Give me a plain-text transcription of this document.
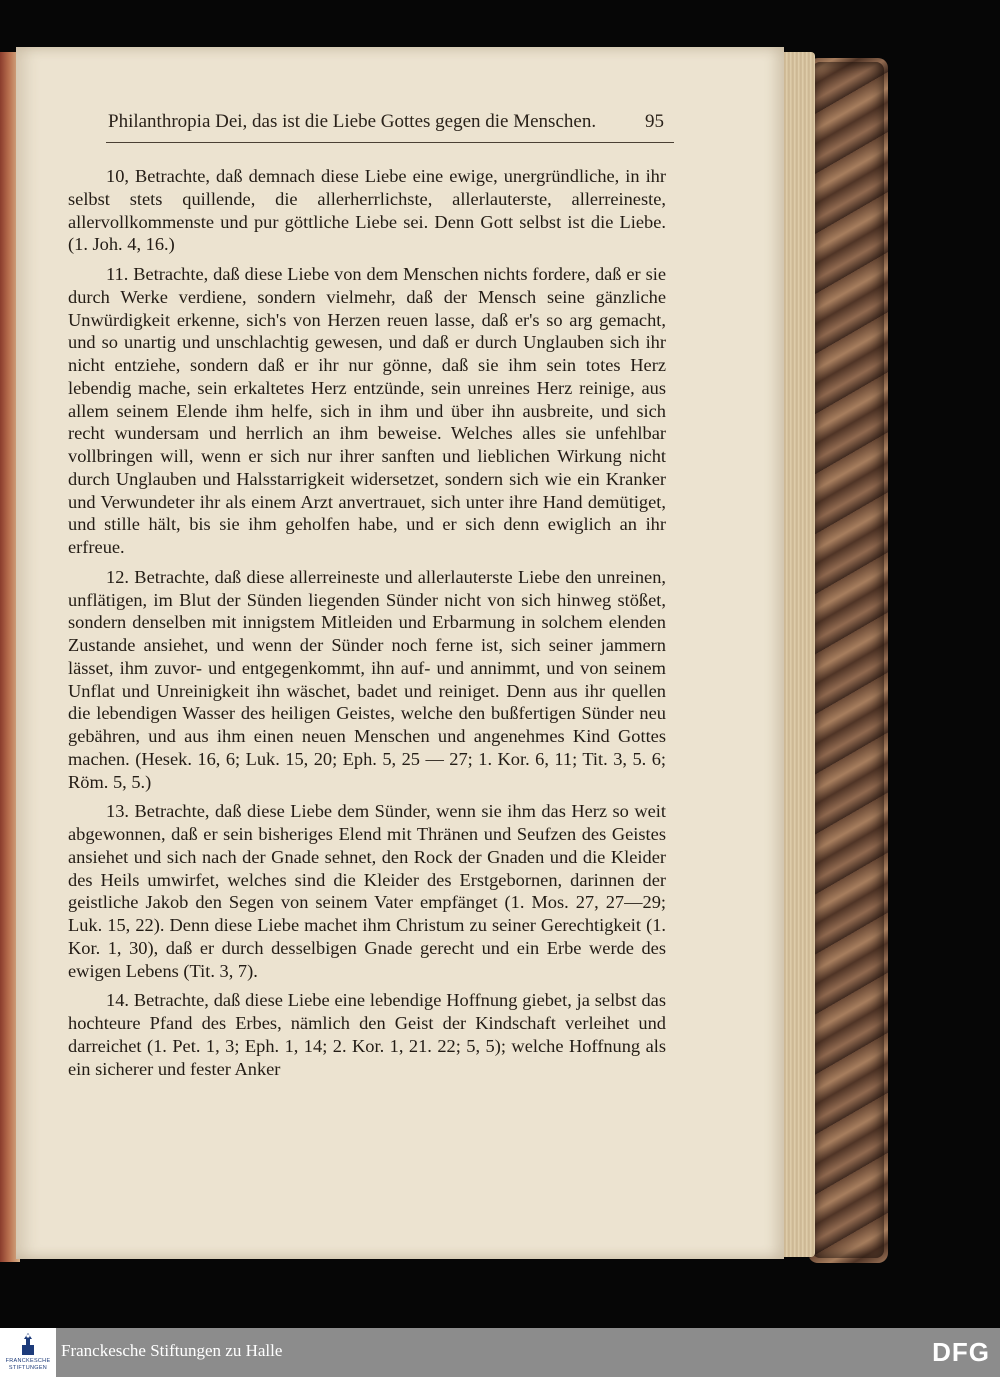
Philanthropia Dei, das ist die Liebe Gottes gegen die Menschen.	95

10, Betrachte, daß demnach diese Liebe eine ewige, unergründliche, in ihr selbst stets quillende, die allerherrlichste, allerlauterste, allerreineste, allervollkommenste und pur göttliche Liebe sei. Denn Gott selbst ist die Liebe. (1. Joh. 4, 16.)

11. Betrachte, daß diese Liebe von dem Menschen nichts fordere, daß er sie durch Werke verdiene, sondern vielmehr, daß der Mensch seine gänzliche Unwürdigkeit erkenne, sich's von Herzen reuen lasse, daß er's so arg gemacht, und so unartig und unschlachtig gewesen, und daß er durch Unglauben sich ihr nicht entziehe, sondern daß er ihr nur gönne, daß sie ihm sein totes Herz lebendig mache, sein erkaltetes Herz entzünde, sein unreines Herz reinige, aus allem seinem Elende ihm helfe, sich in ihm und über ihn ausbreite, und sich recht wundersam und herrlich an ihm beweise. Welches alles sie unfehlbar vollbringen will, wenn er sich nur ihrer sanften und lieblichen Wirkung nicht durch Unglauben und Halsstarrigkeit widersetzet, sondern sich wie ein Kranker und Verwundeter ihr als einem Arzt anvertrauet, sich unter ihre Hand demütiget, und stille hält, bis sie ihm geholfen habe, und er sich denn ewiglich an ihr erfreue.

12. Betrachte, daß diese allerreineste und allerlauterste Liebe den unreinen, unflätigen, im Blut der Sünden liegenden Sünder nicht von sich hinweg stößet, sondern denselben mit innigstem Mitleiden und Erbarmung in solchem elenden Zustande ansiehet, und wenn der Sünder noch ferne ist, sich seiner jammern lässet, ihm zuvor- und entgegenkommt, ihn auf- und annimmt, und von seinem Unflat und Unreinigkeit ihn wäschet, badet und reiniget. Denn aus ihr quellen die lebendigen Wasser des heiligen Geistes, welche den bußfertigen Sünder neu gebähren, und aus ihm einen neuen Menschen und angenehmes Kind Gottes machen. (Hesek. 16, 6; Luk. 15, 20; Eph. 5, 25 — 27; 1. Kor. 6, 11; Tit. 3, 5. 6; Röm. 5, 5.)

13. Betrachte, daß diese Liebe dem Sünder, wenn sie ihm das Herz so weit abgewonnen, daß er sein bisheriges Elend mit Thränen und Seufzen des Geistes ansiehet und sich nach der Gnade sehnet, den Rock der Gnaden und die Kleider des Heils umwirfet, welches sind die Kleider des Erstgebornen, darinnen der geistliche Jakob den Segen von seinem Vater empfänget (1. Mos. 27, 27—29; Luk. 15, 22). Denn diese Liebe machet ihm Christum zu seiner Gerechtigkeit (1. Kor. 1, 30), daß er durch desselbigen Gnade gerecht und ein Erbe werde des ewigen Lebens (Tit. 3, 7).

14. Betrachte, daß diese Liebe eine lebendige Hoffnung giebet, ja selbst das hochteure Pfand des Erbes, nämlich den Geist der Kindschaft verleihet und darreichet (1. Pet. 1, 3; Eph. 1, 14; 2. Kor. 1, 21. 22; 5, 5); welche Hoffnung als ein sicherer und fester Anker

FRANCKESCHE STIFTUNGEN
Franckesche Stiftungen zu Halle	DFG
